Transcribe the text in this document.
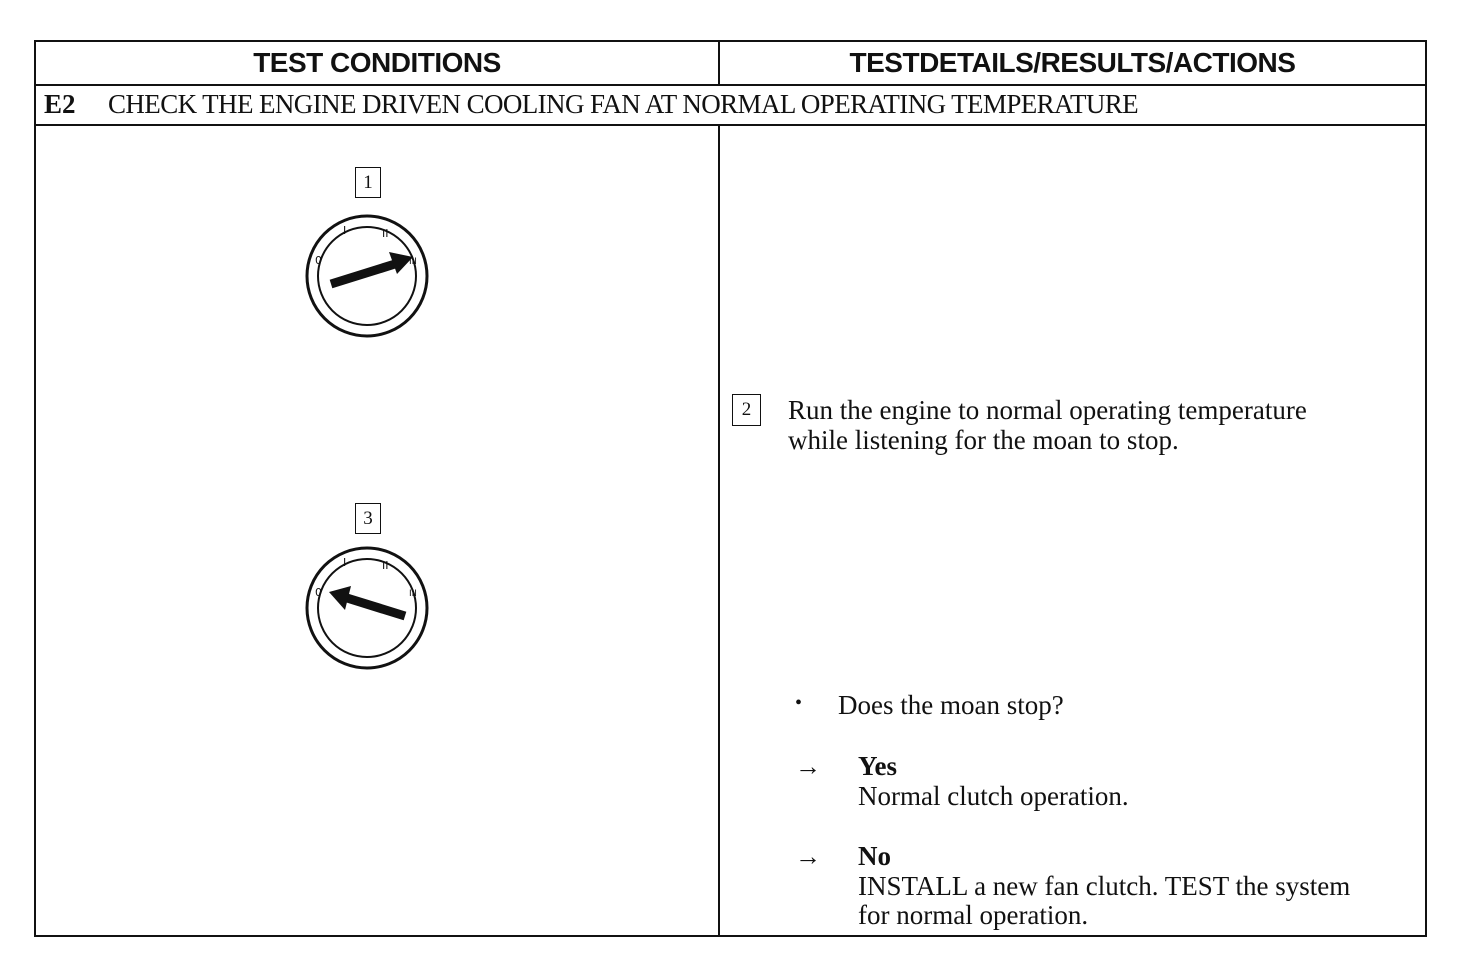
TEST CONDITIONS	TESTDETAILS/RESULTS/ACTIONS
E2 CHECK THE ENGINE DRIVEN COOLING FAN AT NORMAL OPERATING TEMPERATURE
1
0
I	II
III
3
0
I	II
III
2	Run the engine to normal operating temperature
while listening for the moan to stop.
• Does the moan stop?
→ Yes
Normal clutch operation.
→ No
INSTALL a new fan clutch. TEST the system
for normal operation.
